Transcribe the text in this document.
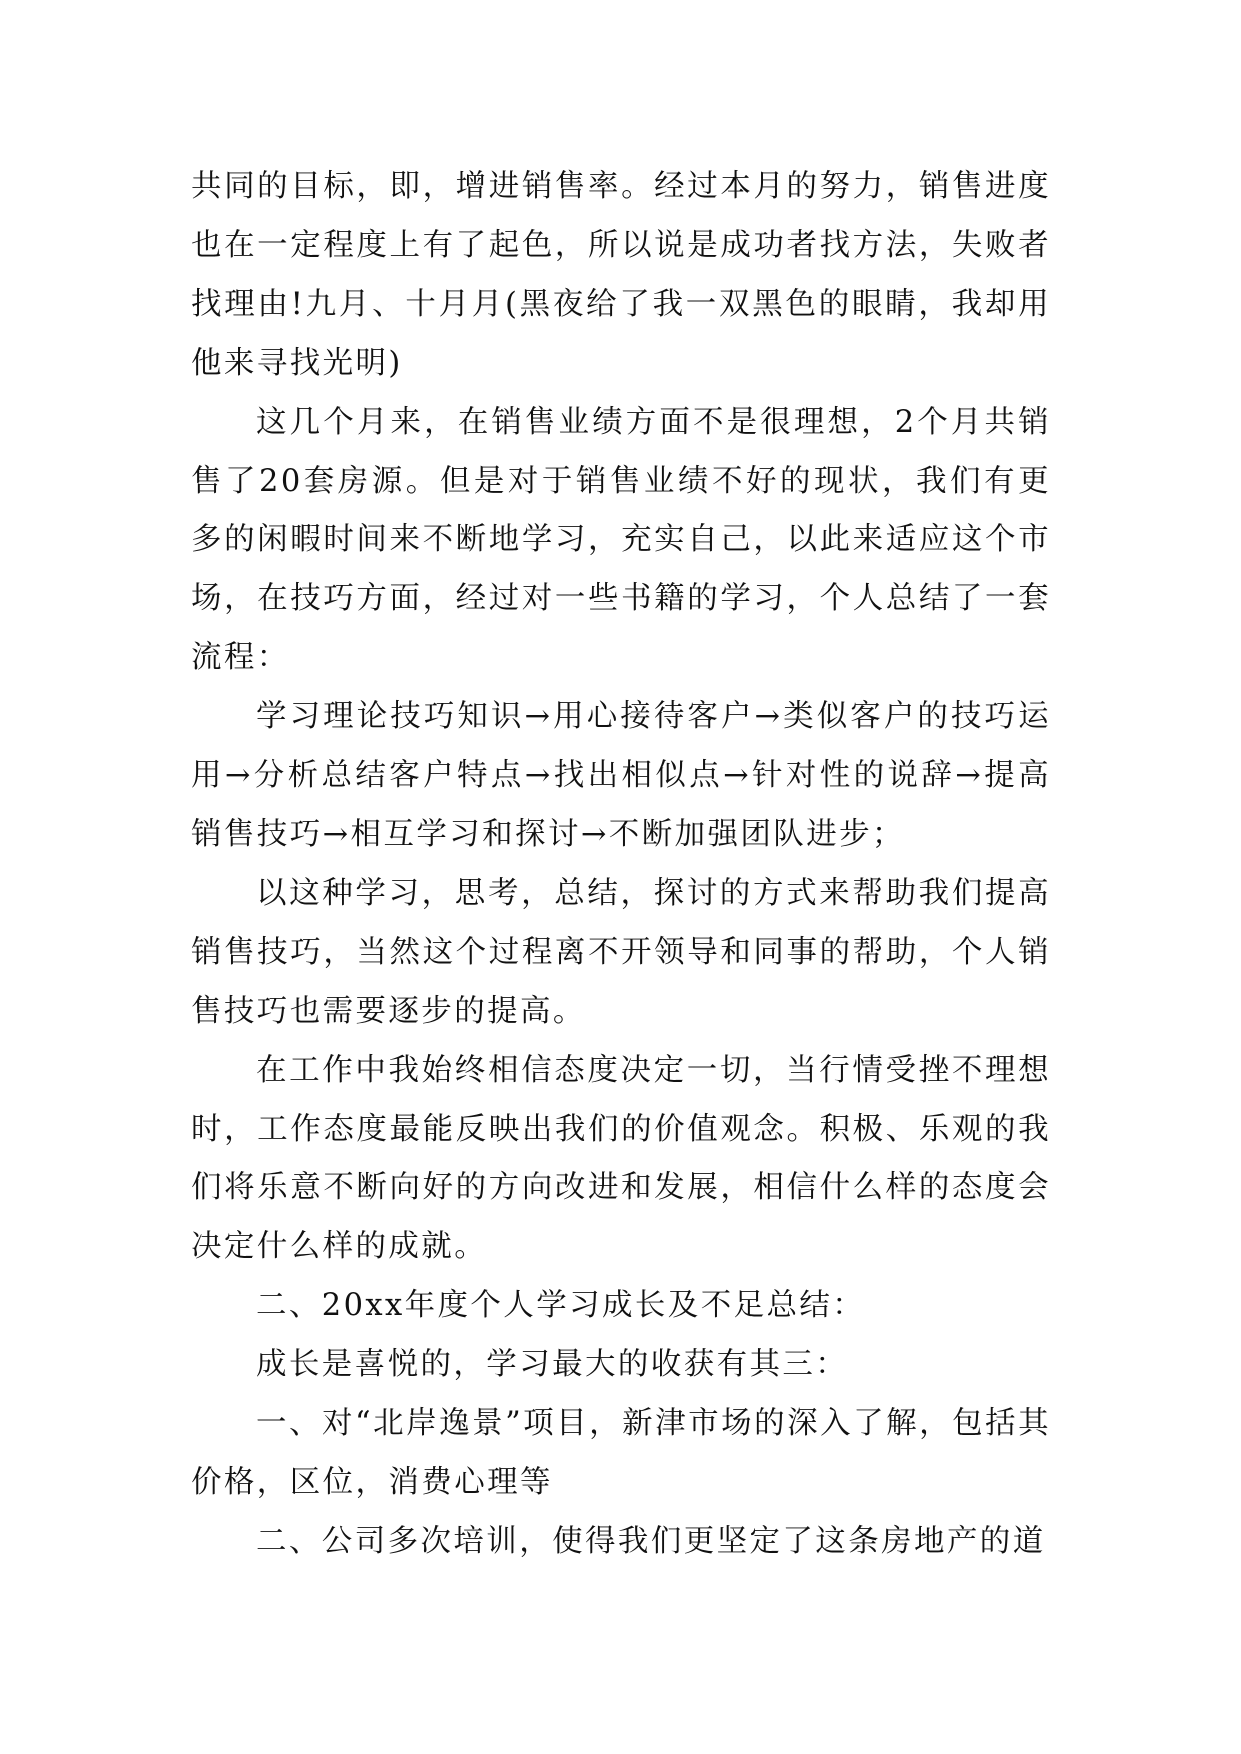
共同的目标，即，增进销售率。经过本月的努力，销售进度也在一定程度上有了起色，所以说是成功者找方法，失败者找理由!九月、十月月(黑夜给了我一双黑色的眼睛，我却用他来寻找光明)

这几个月来，在销售业绩方面不是很理想，2个月共销售了20套房源。但是对于销售业绩不好的现状，我们有更多的闲暇时间来不断地学习，充实自己，以此来适应这个市场，在技巧方面，经过对一些书籍的学习，个人总结了一套流程：

学习理论技巧知识→用心接待客户→类似客户的技巧运用→分析总结客户特点→找出相似点→针对性的说辞→提高销售技巧→相互学习和探讨→不断加强团队进步；

以这种学习，思考，总结，探讨的方式来帮助我们提高销售技巧，当然这个过程离不开领导和同事的帮助，个人销售技巧也需要逐步的提高。

在工作中我始终相信态度决定一切，当行情受挫不理想时，工作态度最能反映出我们的价值观念。积极、乐观的我们将乐意不断向好的方向改进和发展，相信什么样的态度会决定什么样的成就。

二、20xx年度个人学习成长及不足总结：

成长是喜悦的，学习最大的收获有其三：

一、对“北岸逸景”项目，新津市场的深入了解，包括其价格，区位，消费心理等

二、公司多次培训，使得我们更坚定了这条房地产的道
